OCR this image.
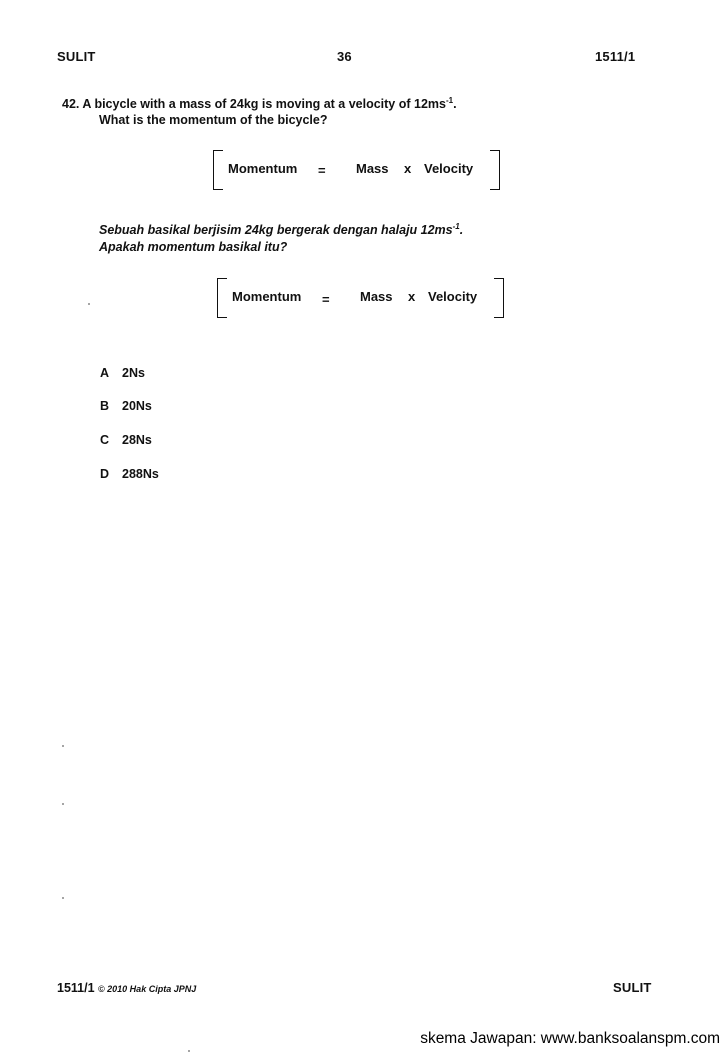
SULIT	36	1511/1
42. A bicycle with a mass of 24kg is moving at a velocity of $12ms^{-1}$.
What is the momentum of the bicycle?
Momentum = Mass x Velocity
Sebuah basikal berjisim 24kg bergerak dengan halaju $12ms^{-1}$.
Apakah momentum basikal itu?
Momentum = Mass x Velocity
A 2Ns
B 20Ns
C 28Ns
D 288Ns
1511/1 © 2010 Hak Cipta JPNJ	SULIT
skema Jawapan: www.banksoalanspm.com
